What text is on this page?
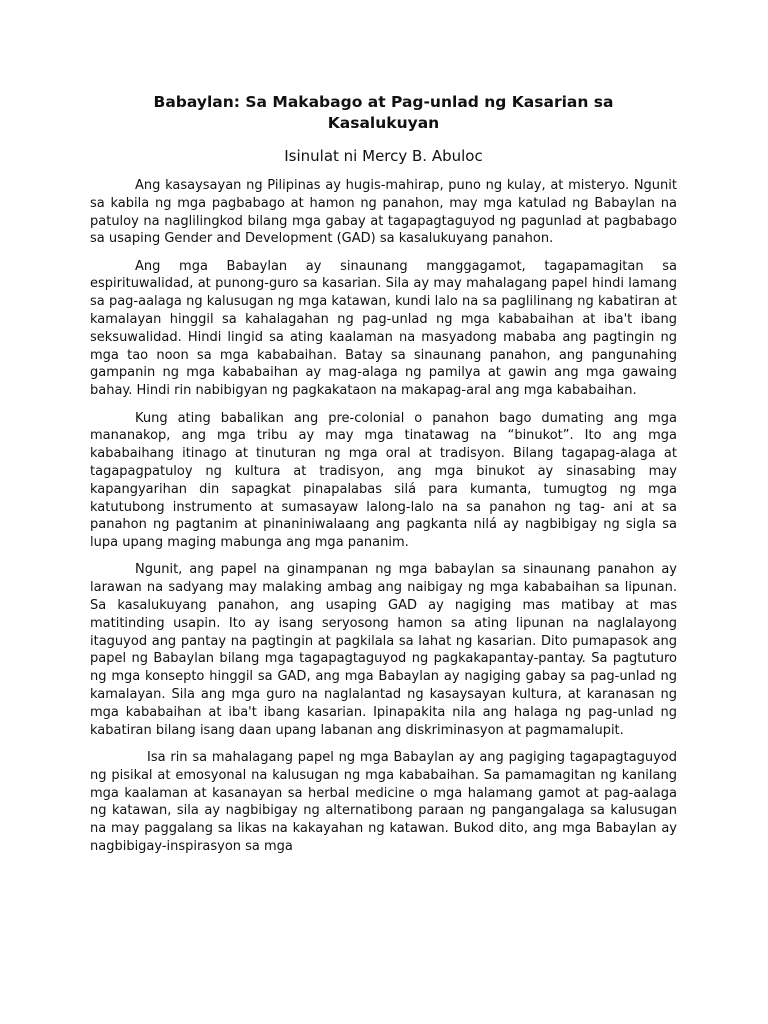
Babaylan: Sa Makabago at Pag-unlad ng Kasarian sa Kasalukuyan
Isinulat ni Mercy B. Abuloc

Ang kasaysayan ng Pilipinas ay hugis-mahirap, puno ng kulay, at misteryo. Ngunit sa kabila ng mga pagbabago at hamon ng panahon, may mga katulad ng Babaylan na patuloy na naglilingkod bilang mga gabay at tagapagtaguyod ng pagunlad at pagbabago sa usaping Gender and Development (GAD) sa kasalukuyang panahon.

Ang mga Babaylan ay sinaunang manggagamot, tagapamagitan sa espirituwalidad, at punong-guro sa kasarian. Sila ay may mahalagang papel hindi lamang sa pag-aalaga ng kalusugan ng mga katawan, kundi lalo na sa paglilinang ng kabatiran at kamalayan hinggil sa kahalagahan ng pag-unlad ng mga kababaihan at iba't ibang seksuwalidad. Hindi lingid sa ating kaalaman na masyadong mababa ang pagtingin ng mga tao noon sa mga kababaihan. Batay sa sinaunang panahon, ang pangunahing gampanin ng mga kababaihan ay mag-alaga ng pamilya at gawin ang mga gawaing bahay. Hindi rin nabibigyan ng pagkakataon na makapag-aral ang mga kababaihan.

Kung ating babalikan ang pre-colonial o panahon bago dumating ang mga mananakop, ang mga tribu ay may mga tinatawag na “binukot”. Ito ang mga kababaihang itinago at tinuturan ng mga oral at tradisyon. Bilang tagapag-alaga at tagapagpatuloy ng kultura at tradisyon, ang mga binukot ay sinasabing may kapangyarihan din sapagkat pinapalabas silá para kumanta, tumugtog ng mga katutubong instrumento at sumasayaw lalong-lalo na sa panahon ng tag- ani at sa panahon ng pagtanim at pinaniniwalaang ang pagkanta nilá ay nagbibigay ng sigla sa lupa upang maging mabunga ang mga pananim.

Ngunit, ang papel na ginampanan ng mga babaylan sa sinaunang panahon ay larawan na sadyang may malaking ambag ang naibigay ng mga kababaihan sa lipunan. Sa kasalukuyang panahon, ang usaping GAD ay nagiging mas matibay at mas matitinding usapin. Ito ay isang seryosong hamon sa ating lipunan na naglalayong itaguyod ang pantay na pagtingin at pagkilala sa lahat ng kasarian. Dito pumapasok ang papel ng Babaylan bilang mga tagapagtaguyod ng pagkakapantay-pantay. Sa pagtuturo ng mga konsepto hinggil sa GAD, ang mga Babaylan ay nagiging gabay sa pag-unlad ng kamalayan. Sila ang mga guro na naglalantad ng kasaysayan kultura, at karanasan ng mga kababaihan at iba't ibang kasarian. Ipinapakita nila ang halaga ng pag-unlad ng kabatiran bilang isang daan upang labanan ang diskriminasyon at pagmamalupit.

Isa rin sa mahalagang papel ng mga Babaylan ay ang pagiging tagapagtaguyod ng pisikal at emosyonal na kalusugan ng mga kababaihan. Sa pamamagitan ng kanilang mga kaalaman at kasanayan sa herbal medicine o mga halamang gamot at pag-aalaga ng katawan, sila ay nagbibigay ng alternatibong paraan ng pangangalaga sa kalusugan na may paggalang sa likas na kakayahan ng katawan. Bukod dito, ang mga Babaylan ay nagbibigay-inspirasyon sa mga
